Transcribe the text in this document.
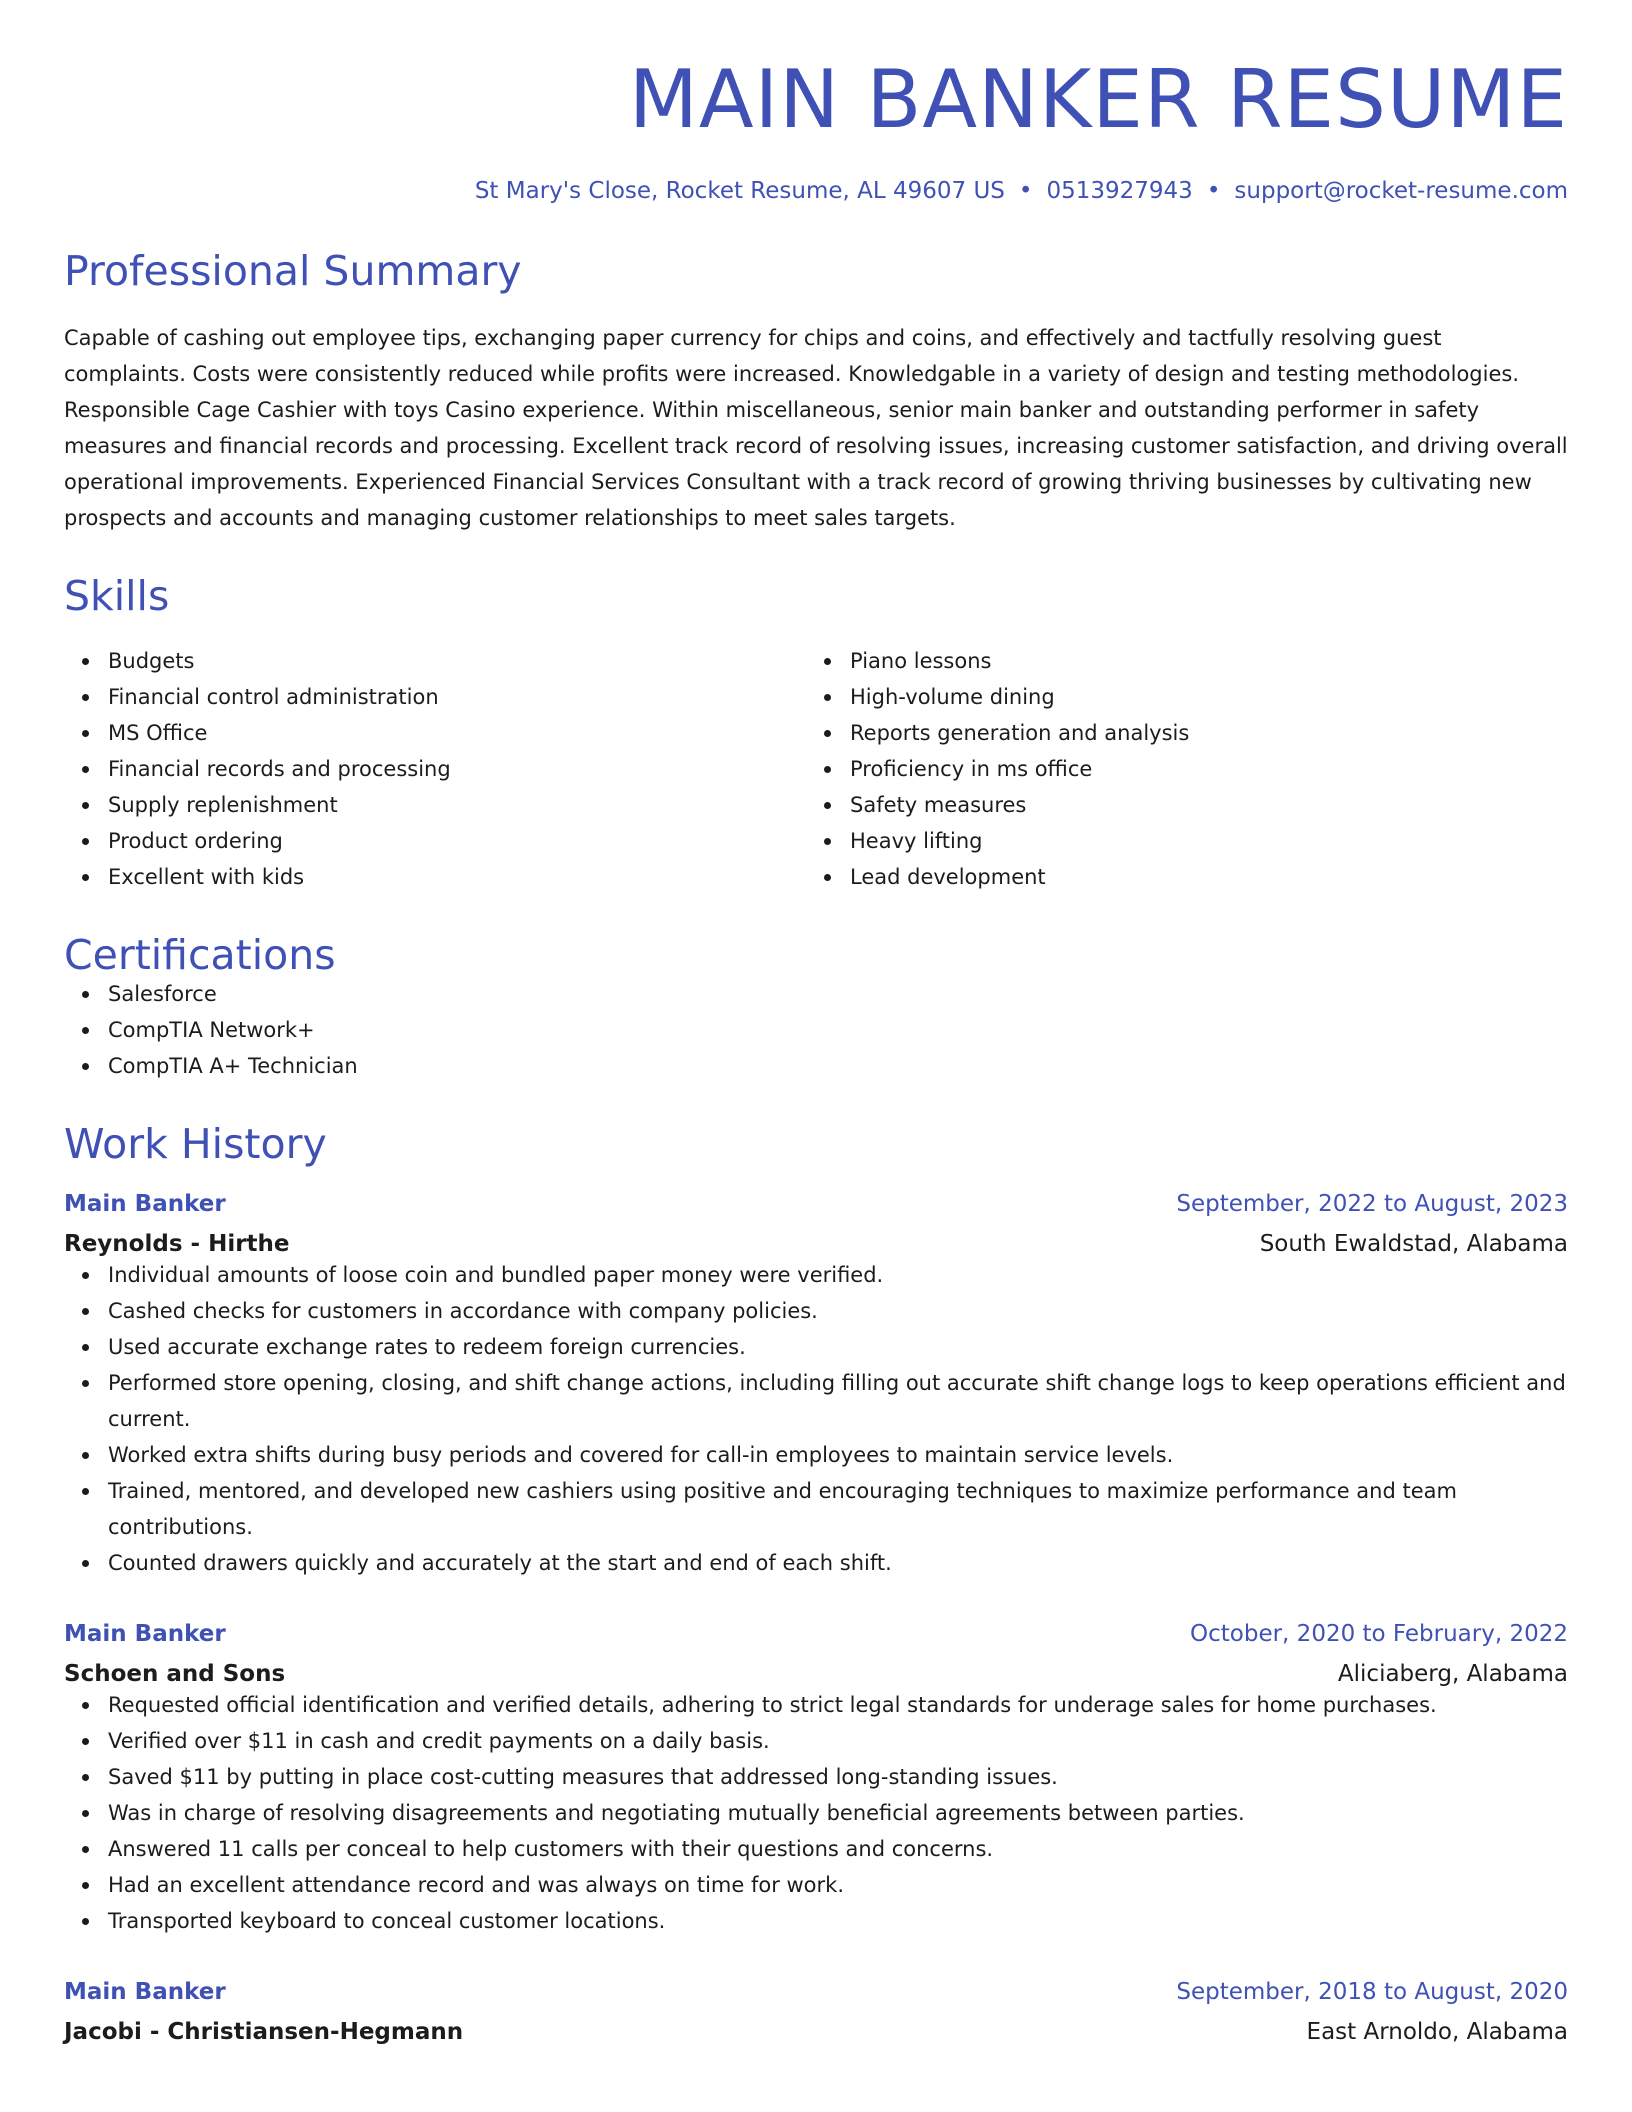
MAIN BANKER RESUME
St Mary's Close, Rocket Resume, AL 49607 US • 0513927943 • support@rocket-resume.com
Professional Summary
Capable of cashing out employee tips, exchanging paper currency for chips and coins, and effectively and tactfully resolving guest complaints. Costs were consistently reduced while profits were increased. Knowledgable in a variety of design and testing methodologies. Responsible Cage Cashier with toys Casino experience. Within miscellaneous, senior main banker and outstanding performer in safety measures and financial records and processing. Excellent track record of resolving issues, increasing customer satisfaction, and driving overall operational improvements. Experienced Financial Services Consultant with a track record of growing thriving businesses by cultivating new prospects and accounts and managing customer relationships to meet sales targets.
Skills
Budgets
Financial control administration
MS Office
Financial records and processing
Supply replenishment
Product ordering
Excellent with kids
Piano lessons
High-volume dining
Reports generation and analysis
Proficiency in ms office
Safety measures
Heavy lifting
Lead development
Certifications
Salesforce
CompTIA Network+
CompTIA A+ Technician
Work History
Main Banker	September, 2022 to August, 2023
Reynolds - Hirthe	South Ewaldstad, Alabama
Individual amounts of loose coin and bundled paper money were verified.
Cashed checks for customers in accordance with company policies.
Used accurate exchange rates to redeem foreign currencies.
Performed store opening, closing, and shift change actions, including filling out accurate shift change logs to keep operations efficient and current.
Worked extra shifts during busy periods and covered for call-in employees to maintain service levels.
Trained, mentored, and developed new cashiers using positive and encouraging techniques to maximize performance and team contributions.
Counted drawers quickly and accurately at the start and end of each shift.
Main Banker	October, 2020 to February, 2022
Schoen and Sons	Aliciaberg, Alabama
Requested official identification and verified details, adhering to strict legal standards for underage sales for home purchases.
Verified over $11 in cash and credit payments on a daily basis.
Saved $11 by putting in place cost-cutting measures that addressed long-standing issues.
Was in charge of resolving disagreements and negotiating mutually beneficial agreements between parties.
Answered 11 calls per conceal to help customers with their questions and concerns.
Had an excellent attendance record and was always on time for work.
Transported keyboard to conceal customer locations.
Main Banker	September, 2018 to August, 2020
Jacobi - Christiansen-Hegmann	East Arnoldo, Alabama
